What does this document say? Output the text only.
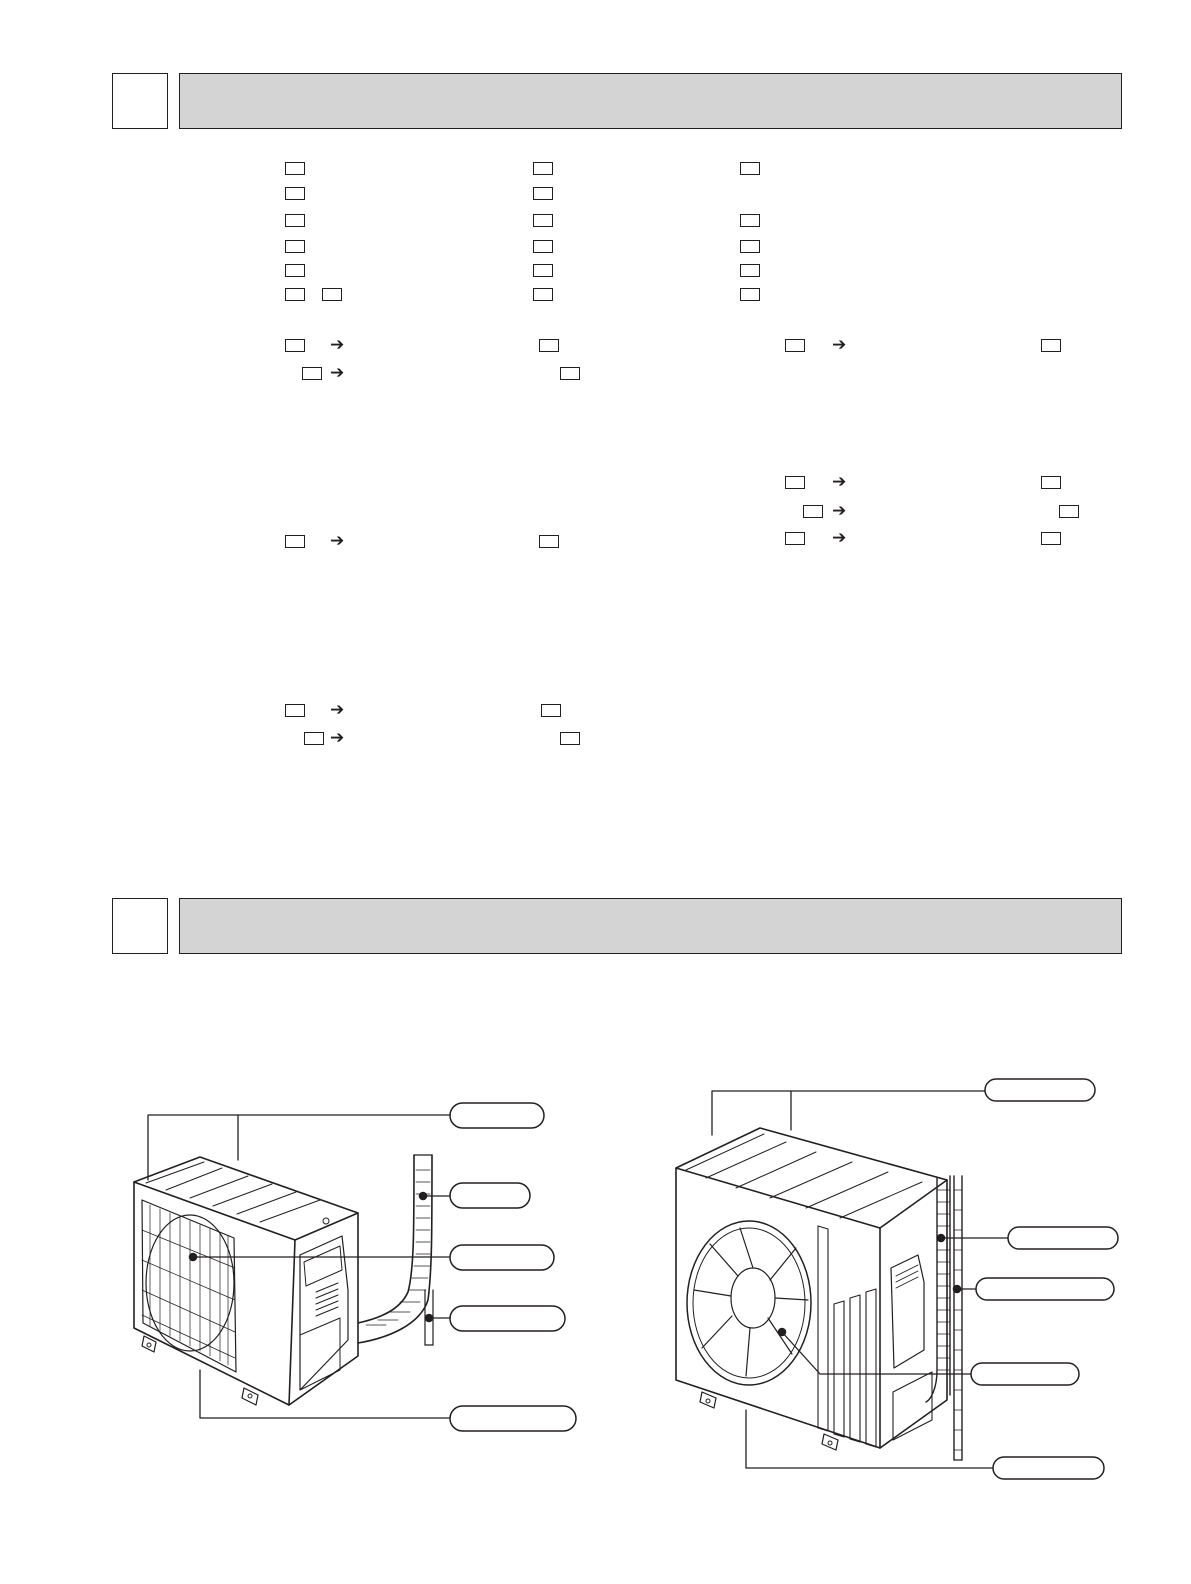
➔	➔
➔
➔
➔
➔	➔
➔
➔
